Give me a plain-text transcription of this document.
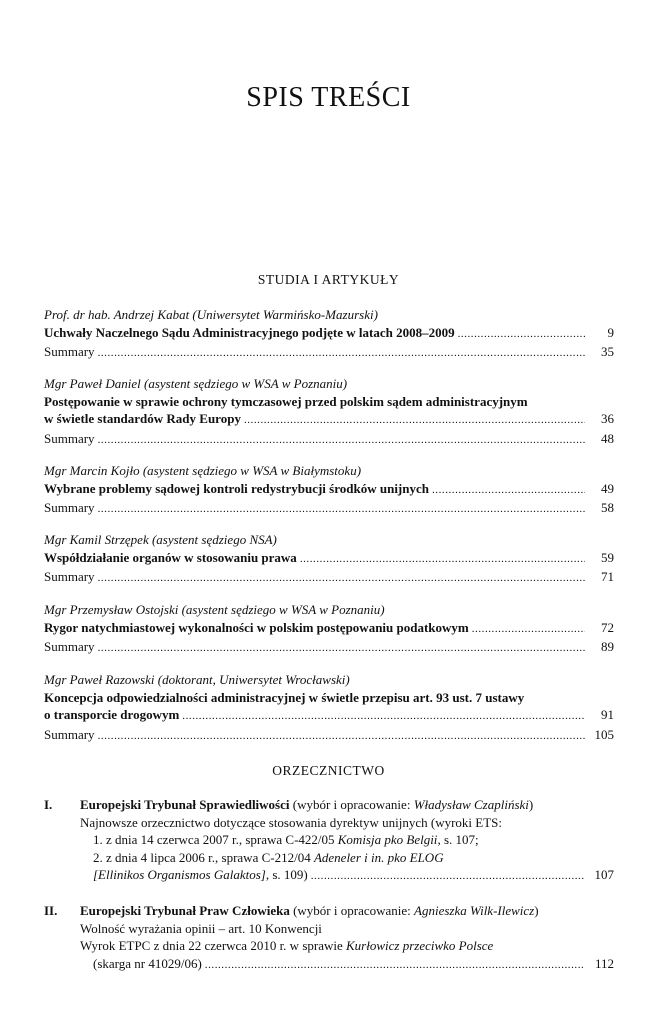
SPIS TREŚCI
STUDIA I ARTYKUŁY
Prof. dr hab. Andrzej Kabat (Uniwersytet Warmińsko-Mazurski)
Uchwały Naczelnego Sądu Administracyjnego podjęte w latach 2008–2009 . . .	9
Summary . . .	35
Mgr Paweł Daniel (asystent sędziego w WSA w Poznaniu)
Postępowanie w sprawie ochrony tymczasowej przed polskim sądem administracyjnym
w świetle standardów Rady Europy . . .	36
Summary . . .	48
Mgr Marcin Kojło (asystent sędziego w WSA w Białymstoku)
Wybrane problemy sądowej kontroli redystrybucji środków unijnych . . .	49
Summary . . .	58
Mgr Kamil Strzępek (asystent sędziego NSA)
Współdziałanie organów w stosowaniu prawa . . .	59
Summary . . .	71
Mgr Przemysław Ostojski (asystent sędziego w WSA w Poznaniu)
Rygor natychmiastowej wykonalności w polskim postępowaniu podatkowym . . .	72
Summary . . .	89
Mgr Paweł Razowski (doktorant, Uniwersytet Wrocławski)
Koncepcja odpowiedzialności administracyjnej w świetle przepisu art. 93 ust. 7 ustawy
o transporcie drogowym . . .	91
Summary . . .	105
ORZECZNICTWO
I. Europejski Trybunał Sprawiedliwości (wybór i opracowanie: Władysław Czapliński)
Najnowsze orzecznictwo dotyczące stosowania dyrektyw unijnych (wyroki ETS:
1. z dnia 14 czerwca 2007 r., sprawa C-422/05 Komisja pko Belgii, s. 107;
2. z dnia 4 lipca 2006 r., sprawa C-212/04 Adeneler i in. pko ELOG
[Ellinikos Organismos Galaktos], s. 109) . . .	107
II. Europejski Trybunał Praw Człowieka (wybór i opracowanie: Agnieszka Wilk-Ilewicz)
Wolność wyrażania opinii – art. 10 Konwencji
Wyrok ETPC z dnia 22 czerwca 2010 r. w sprawie Kurłowicz przeciwko Polsce
(skarga nr 41029/06) . . .	112
